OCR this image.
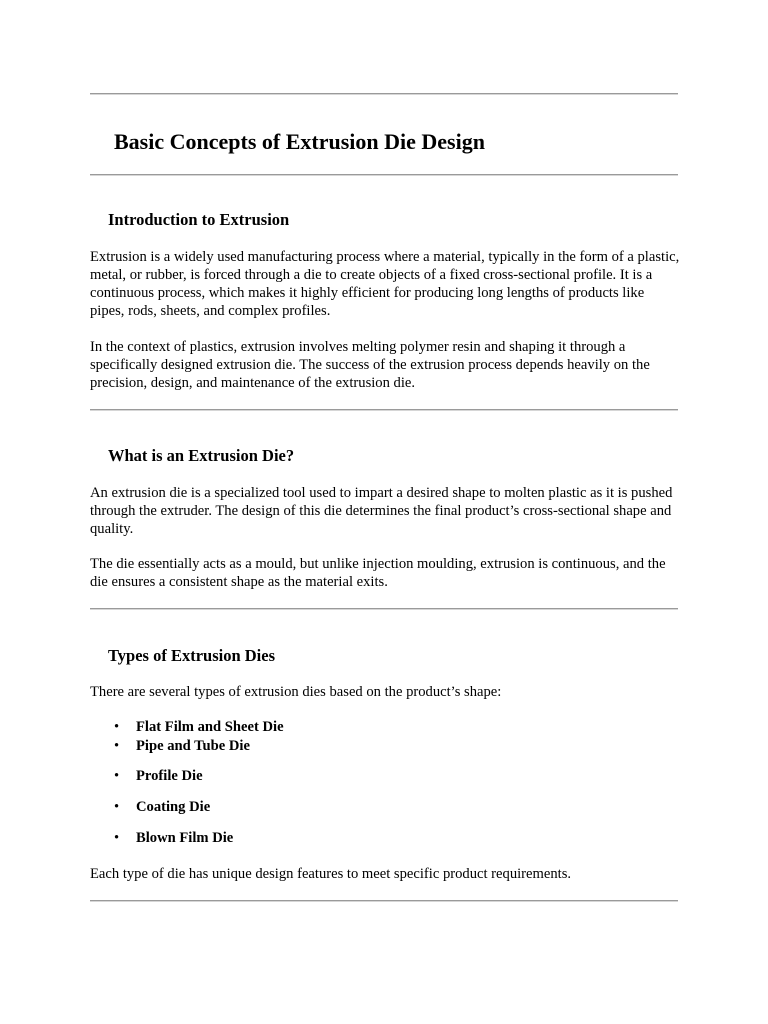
Basic Concepts of Extrusion Die Design
Introduction to Extrusion

Extrusion is a widely used manufacturing process where a material, typically in the form of a plastic, metal, or rubber, is forced through a die to create objects of a fixed cross-sectional profile. It is a continuous process, which makes it highly efficient for producing long lengths of products like pipes, rods, sheets, and complex profiles.

In the context of plastics, extrusion involves melting polymer resin and shaping it through a specifically designed extrusion die. The success of the extrusion process depends heavily on the precision, design, and maintenance of the extrusion die.

What is an Extrusion Die?

An extrusion die is a specialized tool used to impart a desired shape to molten plastic as it is pushed through the extruder. The design of this die determines the final product’s cross-sectional shape and quality.

The die essentially acts as a mould, but unlike injection moulding, extrusion is continuous, and the die ensures a consistent shape as the material exits.

Types of Extrusion Dies

There are several types of extrusion dies based on the product’s shape:

• Flat Film and Sheet Die
• Pipe and Tube Die
• Profile Die
• Coating Die
• Blown Film Die

Each type of die has unique design features to meet specific product requirements.
